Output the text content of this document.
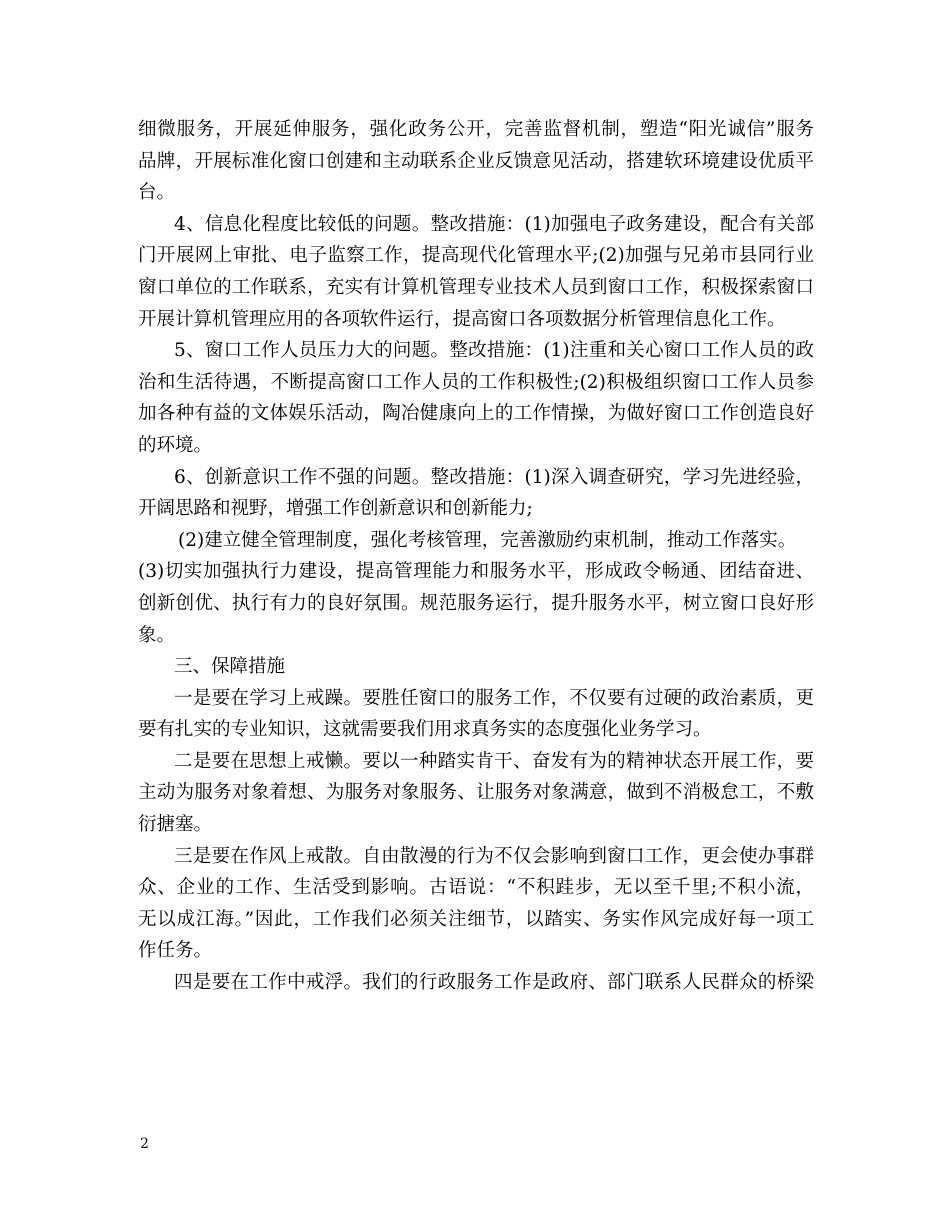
细微服务，开展延伸服务，强化政务公开，完善监督机制，塑造“阳光诚信”服务
品牌，开展标准化窗口创建和主动联系企业反馈意见活动，搭建软环境建设优质平
台。
4、信息化程度比较低的问题。整改措施：(1)加强电子政务建设，配合有关部
门开展网上审批、电子监察工作，提高现代化管理水平;(2)加强与兄弟市县同行业
窗口单位的工作联系，充实有计算机管理专业技术人员到窗口工作，积极探索窗口
开展计算机管理应用的各项软件运行，提高窗口各项数据分析管理信息化工作。
5、窗口工作人员压力大的问题。整改措施：(1)注重和关心窗口工作人员的政
治和生活待遇，不断提高窗口工作人员的工作积极性;(2)积极组织窗口工作人员参
加各种有益的文体娱乐活动，陶冶健康向上的工作情操，为做好窗口工作创造良好
的环境。
6、创新意识工作不强的问题。整改措施：(1)深入调查研究，学习先进经验，
开阔思路和视野，增强工作创新意识和创新能力;
(2)建立健全管理制度，强化考核管理，完善激励约束机制，推动工作落实。
(3)切实加强执行力建设，提高管理能力和服务水平，形成政令畅通、团结奋进、
创新创优、执行有力的良好氛围。规范服务运行，提升服务水平，树立窗口良好形
象。
三、保障措施
一是要在学习上戒躁。要胜任窗口的服务工作，不仅要有过硬的政治素质，更
要有扎实的专业知识，这就需要我们用求真务实的态度强化业务学习。
二是要在思想上戒懒。要以一种踏实肯干、奋发有为的精神状态开展工作，要
主动为服务对象着想、为服务对象服务、让服务对象满意，做到不消极怠工，不敷
衍搪塞。
三是要在作风上戒散。自由散漫的行为不仅会影响到窗口工作，更会使办事群
众、企业的工作、生活受到影响。古语说：“不积跬步，无以至千里;不积小流，
无以成江海。”因此，工作我们必须关注细节，以踏实、务实作风完成好每一项工
作任务。
四是要在工作中戒浮。我们的行政服务工作是政府、部门联系人民群众的桥梁
2
